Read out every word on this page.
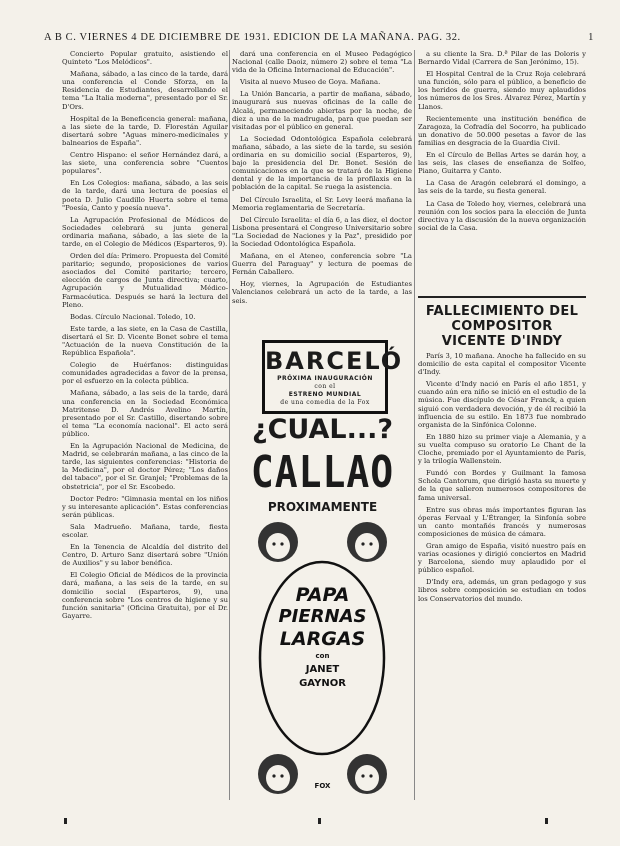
A B C. VIERNES 4 DE DICIEMBRE DE 1931. EDICION DE LA MAÑANA. PAG. 32.	1

Concierto Popular gratuito, asistiendo el Quinteto "Los Melódicos".

Mañana, sábado, a las cinco de la tarde, dará una conferencia el Conde Sforza, en la Residencia de Estudiantes, desarrollando el tema "La Italia moderna", presentado por el Sr. D'Ors.

Hospital de la Beneficencia general: mañana, a las siete de la tarde, D. Florestán Aguilar disertará sobre "Aguas minero-medicinales y balnearios de España".

Centro Hispano: el señor Hernández dará, a las siete, una conferencia sobre "Cuentos populares".

En Los Colegios: mañana, sábado, a las seis de la tarde, dará una lectura de poesías el poeta D. Julio Caudillo Huerta sobre el tema "Poesía, Canto y poesía nueva".

La Agrupación Profesional de Médicos de Sociedades celebrará su junta general ordinaria mañana, sábado, a las siete de la tarde, en el Colegio de Médicos (Esparteros, 9).

Orden del día: Primero. Propuesta del Comité paritario; segundo, proposiciones de varios asociados del Comité paritario; tercero, elección de cargos de Junta directiva; cuarto, Agrupación y Mutualidad Médico-Farmacéutica. Después se hará la lectura del Pleno.

Bodas. Círculo Nacional. Toledo, 10.

Este tarde, a las siete, en la Casa de Castilla, disertará el Sr. D. Vicente Bonet sobre el tema "Actuación de la nueva Constitución de la República Española".

Colegio de Huérfanos: distinguidas comunidades agradecidas a favor de la prensa, por el esfuerzo en la colecta pública.

Mañana, sábado, a las seis de la tarde, dará una conferencia en la Sociedad Económica Matritense D. Andrés Avelino Martín, presentado por el Sr. Castillo, disertando sobre el tema "La economía nacional". El acto será público.

En la Agrupación Nacional de Medicina, de Madrid, se celebrarán mañana, a las cinco de la tarde, las siguientes conferencias: "Historia de la Medicina", por el doctor Pérez; "Los daños del tabaco", por el Sr. Granjel; "Problemas de la obstetricia", por el Sr. Escobedo.

Doctor Pedro: "Gimnasia mental en los niños y su interesante aplicación". Estas conferencias serán públicas.

Sala Madrueño. Mañana, tarde, fiesta escolar.

En la Tenencia de Alcaldía del distrito del Centro, D. Arturo Sanz disertará sobre "Unión de Auxilios" y su labor benéfica.

El Colegio Oficial de Médicos de la provincia dará, mañana, a las seis de la tarde, en su domicilio social (Esparteros, 9), una conferencia sobre "Los centros de higiene y su función sanitaria" (Oficina Gratuita), por el Dr. Gayarre.

dará una conferencia en el Museo Pedagógico Nacional (calle Daoiz, número 2) sobre el tema "La vida de la Oficina Internacional de Educación".

Visita al nuevo Museo de Goya. Mañana.

La Unión Bancaria, a partir de mañana, sábado, inaugurará sus nuevas oficinas de la calle de Alcalá, permaneciendo abiertas por la noche, de diez a una de la madrugada, para que puedan ser visitadas por el público en general.

La Sociedad Odontológica Española celebrará mañana, sábado, a las siete de la tarde, su sesión ordinaria en su domicilio social (Esparteros, 9), bajo la presidencia del Dr. Bonet. Sesión de comunicaciones en la que se tratará de la Higiene dental y de la importancia de la profilaxis en la población de la capital. Se ruega la asistencia.

Del Círculo Israelita, el Sr. Levy leerá mañana la Memoria reglamentaria de Secretaría.

Del Círculo Israelita: el día 6, a las diez, el doctor Lisbona presentará el Congreso Universitario sobre "La Sociedad de Naciones y la Paz", presidido por la Sociedad Odontológica Española.

Mañana, en el Ateneo, conferencia sobre "La Guerra del Paraguay" y lectura de poemas de Fernán Caballero.

Hoy, viernes, la Agrupación de Estudiantes Valencianos celebrará un acto de la tarde, a las seis.

BARCELÓ
PRÓXIMA INAUGURACIÓN
con el
ESTRENO MUNDIAL
de una comedia de la Fox
¿CUAL...?
CALLAO
PROXIMAMENTE
PAPA
PIERNAS
LARGAS
con
JANET
GAYNOR
FOX

a su cliente la Sra. D.ª Pilar de las Doloris y Bernardo Vidal (Carrera de San Jerónimo, 15).

El Hospital Central de la Cruz Roja celebrará una función, sólo para el público, a beneficio de los heridos de guerra, siendo muy aplaudidos los números de los Sres. Álvarez Pérez, Martín y Llanos.

Recientemente una institución benéfica de Zaragoza, la Cofradía del Socorro, ha publicado un donativo de 50.000 pesetas a favor de las familias en desgracia de la Guardia Civil.

En el Círculo de Bellas Artes se darán hoy, a las seis, las clases de enseñanza de Solfeo, Piano, Guitarra y Canto.

La Casa de Aragón celebrará el domingo, a las seis de la tarde, su fiesta general.

La Casa de Toledo hoy, viernes, celebrará una reunión con los socios para la elección de Junta directiva y la discusión de la nueva organización social de la Casa.

FALLECIMIENTO DEL COMPOSITOR VICENTE D'INDY

París 3, 10 mañana. Anoche ha fallecido en su domicilio de esta capital el compositor Vicente d'Indy.

Vicente d'Indy nació en París el año 1851, y cuando aún era niño se inició en el estudio de la música. Fue discípulo de César Franck, a quien siguió con verdadera devoción, y de él recibió la influencia de su estilo. En 1873 fue nombrado organista de la Sinfónica Colonne.

En 1880 hizo su primer viaje a Alemania, y a su vuelta compuso su oratorio Le Chant de la Cloche, premiado por el Ayuntamiento de París, y la trilogía Wallenstein.

Fundó con Bordes y Guilmant la famosa Schola Cantorum, que dirigió hasta su muerte y de la que salieron numerosos compositores de fama universal.

Entre sus obras más importantes figuran las óperas Fervaal y L'Étranger, la Sinfonía sobre un canto montañés francés y numerosas composiciones de música de cámara.

Gran amigo de España, visitó nuestro país en varias ocasiones y dirigió conciertos en Madrid y Barcelona, siendo muy aplaudido por el público español.

D'Indy era, además, un gran pedagogo y sus libros sobre composición se estudian en todos los Conservatorios del mundo.
